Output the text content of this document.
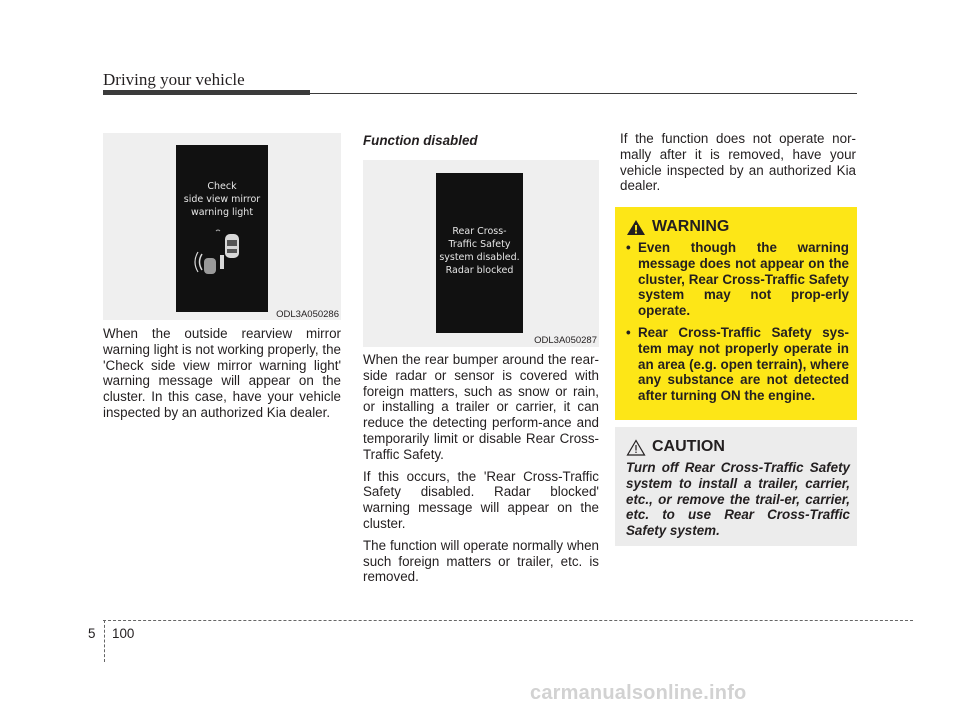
Driving your vehicle
Check
side view mirror
warning light
ODL3A050286

When the outside rearview mirror warning light is not working properly, the 'Check side view mirror warning light' warning message will appear on the cluster. In this case, have your vehicle inspected by an authorized Kia dealer.

Function disabled
Rear Cross-
Traffic Safety
system disabled.
Radar blocked
ODL3A050287

When the rear bumper around the rear-side radar or sensor is covered with foreign matters, such as snow or rain, or installing a trailer or carrier, it can reduce the detecting perform-ance and temporarily limit or disable Rear Cross-Traffic Safety.

If this occurs, the 'Rear Cross-Traffic Safety disabled. Radar blocked' warning message will appear on the cluster.

The function will operate normally when such foreign matters or trailer, etc. is removed.

If the function does not operate nor-mally after it is removed, have your vehicle inspected by an authorized Kia dealer.

WARNING
• Even though the warning message does not appear on the cluster, Rear Cross-Traffic Safety system may not prop-erly operate.
• Rear Cross-Traffic Safety sys-tem may not properly operate in an area (e.g. open terrain), where any substance are not detected after turning ON the engine.
CAUTION
Turn off Rear Cross-Traffic Safety system to install a trailer, carrier, etc., or remove the trail-er, carrier, etc. to use Rear Cross-Traffic Safety system.
5 100
carmanualsonline.info
